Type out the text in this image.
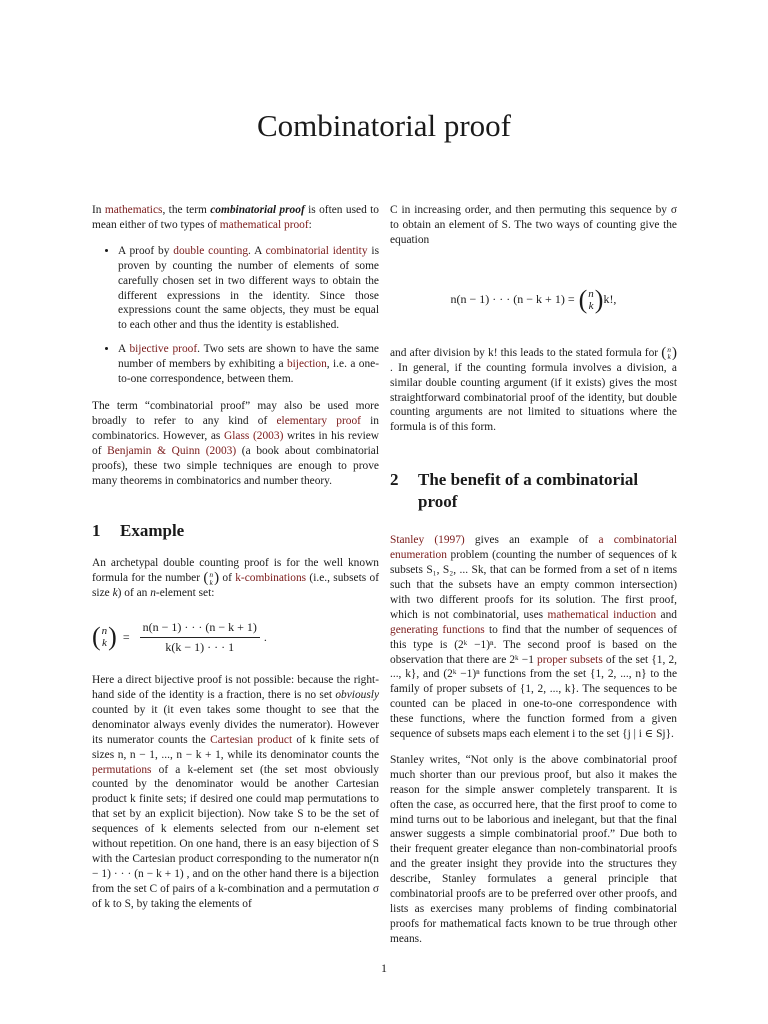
Combinatorial proof

In mathematics, the term combinatorial proof is often used to mean either of two types of mathematical proof:

• A proof by double counting. A combinatorial identity is proven by counting the number of elements of some carefully chosen set in two different ways to obtain the different expressions in the identity. Since those expressions count the same objects, they must be equal to each other and thus the identity is established.
• A bijective proof. Two sets are shown to have the same number of members by exhibiting a bijection, i.e. a one-to-one correspondence, between them.

The term “combinatorial proof” may also be used more broadly to refer to any kind of elementary proof in combinatorics. However, as Glass (2003) writes in his review of Benjamin & Quinn (2003) (a book about combinatorial proofs), these two simple techniques are enough to prove many theorems in combinatorics and number theory.

1	Example

An archetypal double counting proof is for the well known formula for the number ( n
k ) of k-combinations (i.e., subsets of size k) of an n-element set:

( n
k ) = $\frac{n(n - 1) \cdot \cdot \cdot (n - k + 1)}{k(k - 1) \cdot \cdot \cdot 1}$ .

Here a direct bijective proof is not possible: because the right-hand side of the identity is a fraction, there is no set obviously counted by it (it even takes some thought to see that the denominator always evenly divides the numerator). However its numerator counts the Cartesian product of k finite sets of sizes n, n − 1, ..., n − k + 1, while its denominator counts the permutations of a k-element set (the set most obviously counted by the denominator would be another Cartesian product k finite sets; if desired one could map permutations to that set by an explicit bijection). Now take S to be the set of sequences of k elements selected from our n-element set without repetition. On one hand, there is an easy bijection of S with the Cartesian product corresponding to the numerator n(n − 1) · · · (n − k + 1) , and on the other hand there is a bijection from the set C of pairs of a k-combination and a permutation σ of k to S, by taking the elements of

C in increasing order, and then permuting this sequence by σ to obtain an element of S. The two ways of counting give the equation

n(n − 1) · · · (n − k + 1) = ( n
k ) k!,

and after division by k! this leads to the stated formula for ( n
k )
. In general, if the counting formula involves a division, a similar double counting argument (if it exists) gives the most straightforward combinatorial proof of the identity, but double counting arguments are not limited to situations where the formula is of this form.

2	The benefit of a combinatorial proof

Stanley (1997) gives an example of a combinatorial enumeration problem (counting the number of sequences of k subsets S₁, S₂, ... Sk, that can be formed from a set of n items such that the subsets have an empty common intersection) with two different proofs for its solution. The first proof, which is not combinatorial, uses mathematical induction and generating functions to find that the number of sequences of this type is (2ᵏ −1)ⁿ. The second proof is based on the observation that there are 2ᵏ −1 proper subsets of the set {1, 2, ..., k}, and (2ᵏ −1)ⁿ functions from the set {1, 2, ..., n} to the family of proper subsets of {1, 2, ..., k}. The sequences to be counted can be placed in one-to-one correspondence with these functions, where the function formed from a given sequence of subsets maps each element i to the set {j | i ∈ Sj}.

Stanley writes, “Not only is the above combinatorial proof much shorter than our previous proof, but also it makes the reason for the simple answer completely transparent. It is often the case, as occurred here, that the first proof to come to mind turns out to be laborious and inelegant, but that the final answer suggests a simple combinatorial proof.” Due both to their frequent greater elegance than non-combinatorial proofs and the greater insight they provide into the structures they describe, Stanley formulates a general principle that combinatorial proofs are to be preferred over other proofs, and lists as exercises many problems of finding combinatorial proofs for mathematical facts known to be true through other means.

1
